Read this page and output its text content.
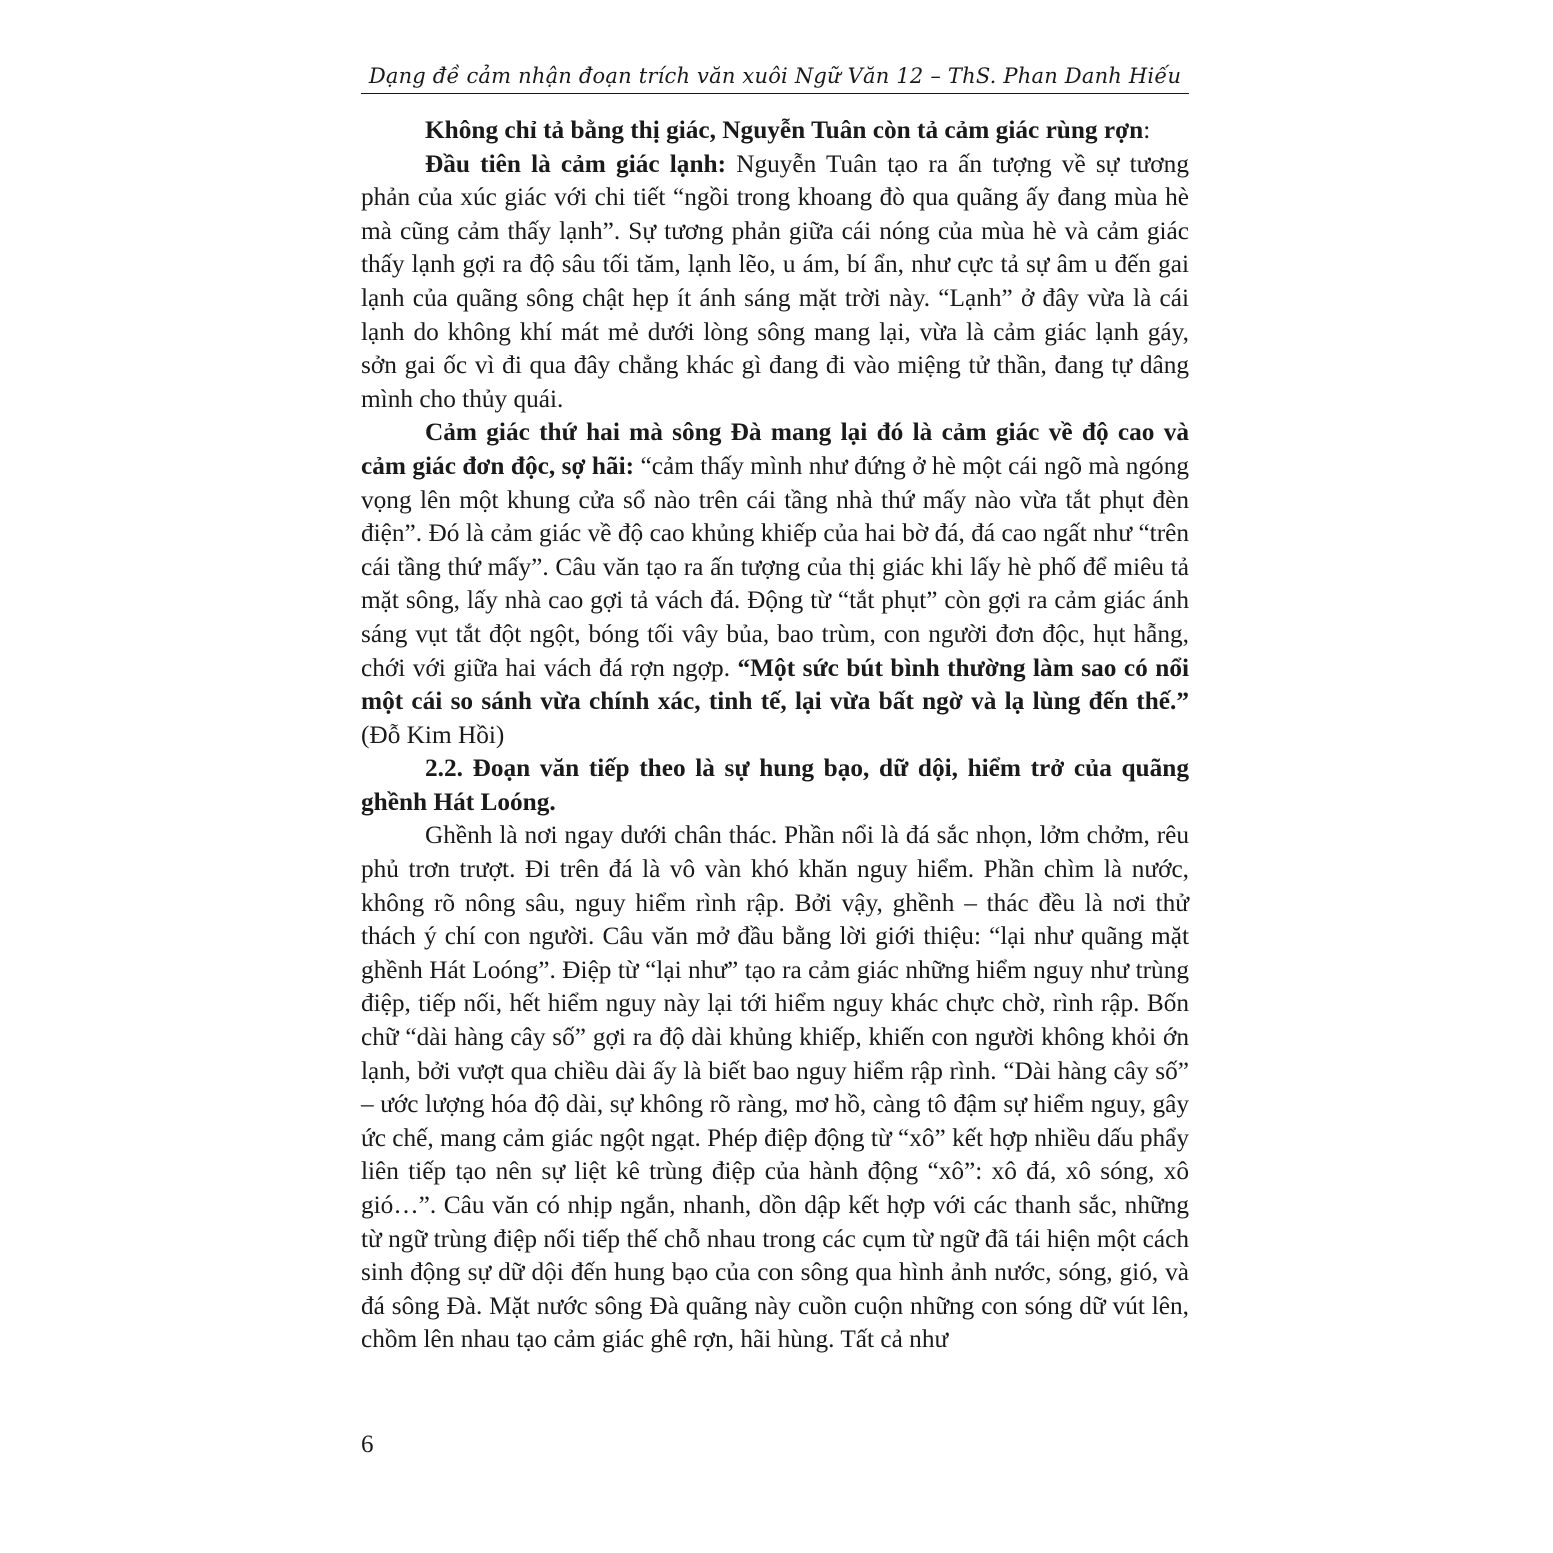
Dạng đề cảm nhận đoạn trích văn xuôi Ngữ Văn 12 – ThS. Phan Danh Hiếu

Không chỉ tả bằng thị giác, Nguyễn Tuân còn tả cảm giác rùng rợn:

Đầu tiên là cảm giác lạnh: Nguyễn Tuân tạo ra ấn tượng về sự tương phản của xúc giác với chi tiết “ngồi trong khoang đò qua quãng ấy đang mùa hè mà cũng cảm thấy lạnh”. Sự tương phản giữa cái nóng của mùa hè và cảm giác thấy lạnh gợi ra độ sâu tối tăm, lạnh lẽo, u ám, bí ẩn, như cực tả sự âm u đến gai lạnh của quãng sông chật hẹp ít ánh sáng mặt trời này. “Lạnh” ở đây vừa là cái lạnh do không khí mát mẻ dưới lòng sông mang lại, vừa là cảm giác lạnh gáy, sởn gai ốc vì đi qua đây chẳng khác gì đang đi vào miệng tử thần, đang tự dâng mình cho thủy quái.

Cảm giác thứ hai mà sông Đà mang lại đó là cảm giác về độ cao và cảm giác đơn độc, sợ hãi: “cảm thấy mình như đứng ở hè một cái ngõ mà ngóng vọng lên một khung cửa sổ nào trên cái tầng nhà thứ mấy nào vừa tắt phụt đèn điện”. Đó là cảm giác về độ cao khủng khiếp của hai bờ đá, đá cao ngất như “trên cái tầng thứ mấy”. Câu văn tạo ra ấn tượng của thị giác khi lấy hè phố để miêu tả mặt sông, lấy nhà cao gợi tả vách đá. Động từ “tắt phụt” còn gợi ra cảm giác ánh sáng vụt tắt đột ngột, bóng tối vây bủa, bao trùm, con người đơn độc, hụt hẫng, chới với giữa hai vách đá rợn ngợp. “Một sức bút bình thường làm sao có nổi một cái so sánh vừa chính xác, tinh tế, lại vừa bất ngờ và lạ lùng đến thế.” (Đỗ Kim Hồi)

2.2. Đoạn văn tiếp theo là sự hung bạo, dữ dội, hiểm trở của quãng ghềnh Hát Loóng.

Ghềnh là nơi ngay dưới chân thác. Phần nổi là đá sắc nhọn, lởm chởm, rêu phủ trơn trượt. Đi trên đá là vô vàn khó khăn nguy hiểm. Phần chìm là nước, không rõ nông sâu, nguy hiểm rình rập. Bởi vậy, ghềnh – thác đều là nơi thử thách ý chí con người. Câu văn mở đầu bằng lời giới thiệu: “lại như quãng mặt ghềnh Hát Loóng”. Điệp từ “lại như” tạo ra cảm giác những hiểm nguy như trùng điệp, tiếp nối, hết hiểm nguy này lại tới hiểm nguy khác chực chờ, rình rập. Bốn chữ “dài hàng cây số” gợi ra độ dài khủng khiếp, khiến con người không khỏi ớn lạnh, bởi vượt qua chiều dài ấy là biết bao nguy hiểm rập rình. “Dài hàng cây số” – ước lượng hóa độ dài, sự không rõ ràng, mơ hồ, càng tô đậm sự hiểm nguy, gây ức chế, mang cảm giác ngột ngạt. Phép điệp động từ “xô” kết hợp nhiều dấu phẩy liên tiếp tạo nên sự liệt kê trùng điệp của hành động “xô”: xô đá, xô sóng, xô gió…”. Câu văn có nhịp ngắn, nhanh, dồn dập kết hợp với các thanh sắc, những từ ngữ trùng điệp nối tiếp thế chỗ nhau trong các cụm từ ngữ đã tái hiện một cách sinh động sự dữ dội đến hung bạo của con sông qua hình ảnh nước, sóng, gió, và đá sông Đà. Mặt nước sông Đà quãng này cuồn cuộn những con sóng dữ vút lên, chồm lên nhau tạo cảm giác ghê rợn, hãi hùng. Tất cả như

6
